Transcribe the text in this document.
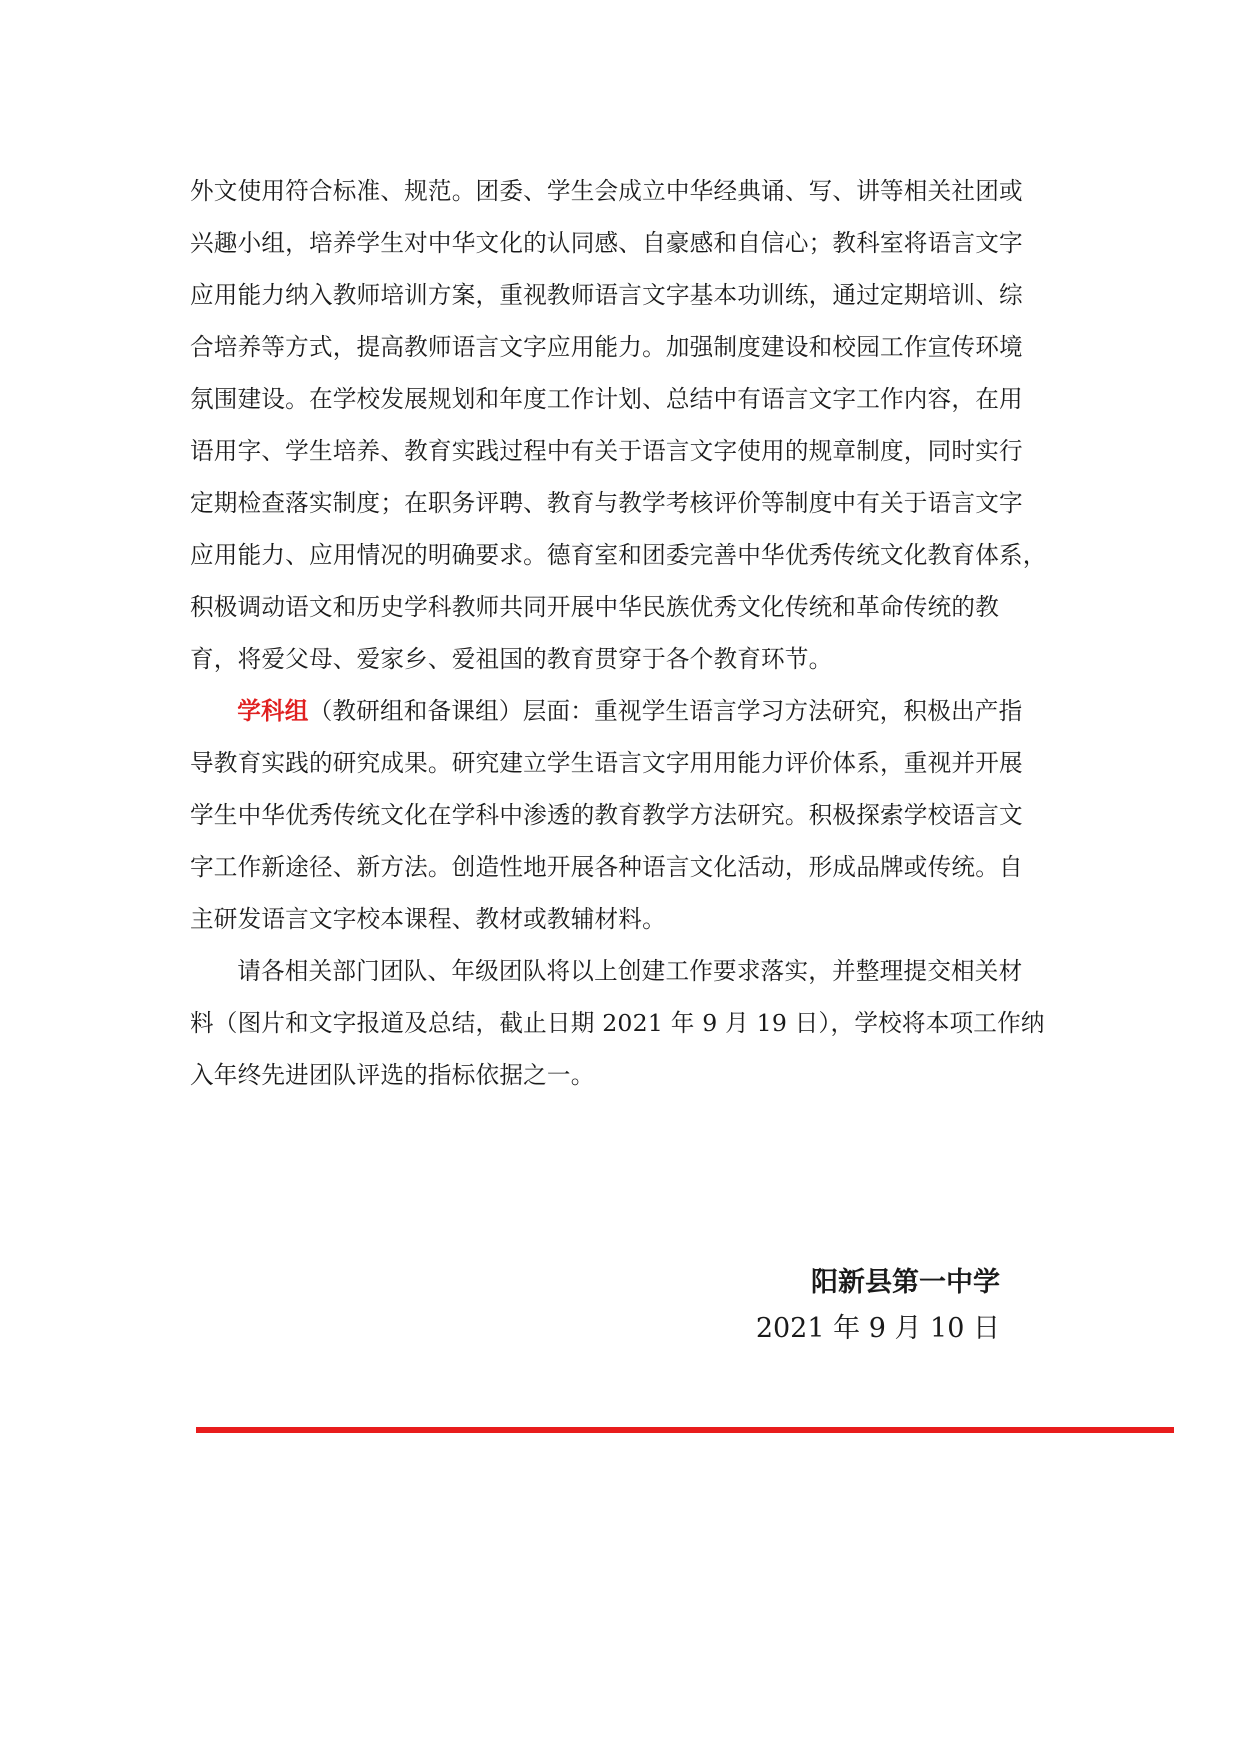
外文使用符合标准、规范。团委、学生会成立中华经典诵、写、讲等相关社团或
兴趣小组，培养学生对中华文化的认同感、自豪感和自信心；教科室将语言文字
应用能力纳入教师培训方案，重视教师语言文字基本功训练，通过定期培训、综
合培养等方式，提高教师语言文字应用能力。加强制度建设和校园工作宣传环境
氛围建设。在学校发展规划和年度工作计划、总结中有语言文字工作内容，在用
语用字、学生培养、教育实践过程中有关于语言文字使用的规章制度，同时实行
定期检查落实制度；在职务评聘、教育与教学考核评价等制度中有关于语言文字
应用能力、应用情况的明确要求。德育室和团委完善中华优秀传统文化教育体系，
积极调动语文和历史学科教师共同开展中华民族优秀文化传统和革命传统的教
育，将爱父母、爱家乡、爱祖国的教育贯穿于各个教育环节。

学科组（教研组和备课组）层面：重视学生语言学习方法研究，积极出产指
导教育实践的研究成果。研究建立学生语言文字用用能力评价体系，重视并开展
学生中华优秀传统文化在学科中渗透的教育教学方法研究。积极探索学校语言文
字工作新途径、新方法。创造性地开展各种语言文化活动，形成品牌或传统。自
主研发语言文字校本课程、教材或教辅材料。

请各相关部门团队、年级团队将以上创建工作要求落实，并整理提交相关材
料（图片和文字报道及总结，截止日期 2021 年 9 月 19 日），学校将本项工作纳
入年终先进团队评选的指标依据之一。

阳新县第一中学
2021 年 9 月 10 日
